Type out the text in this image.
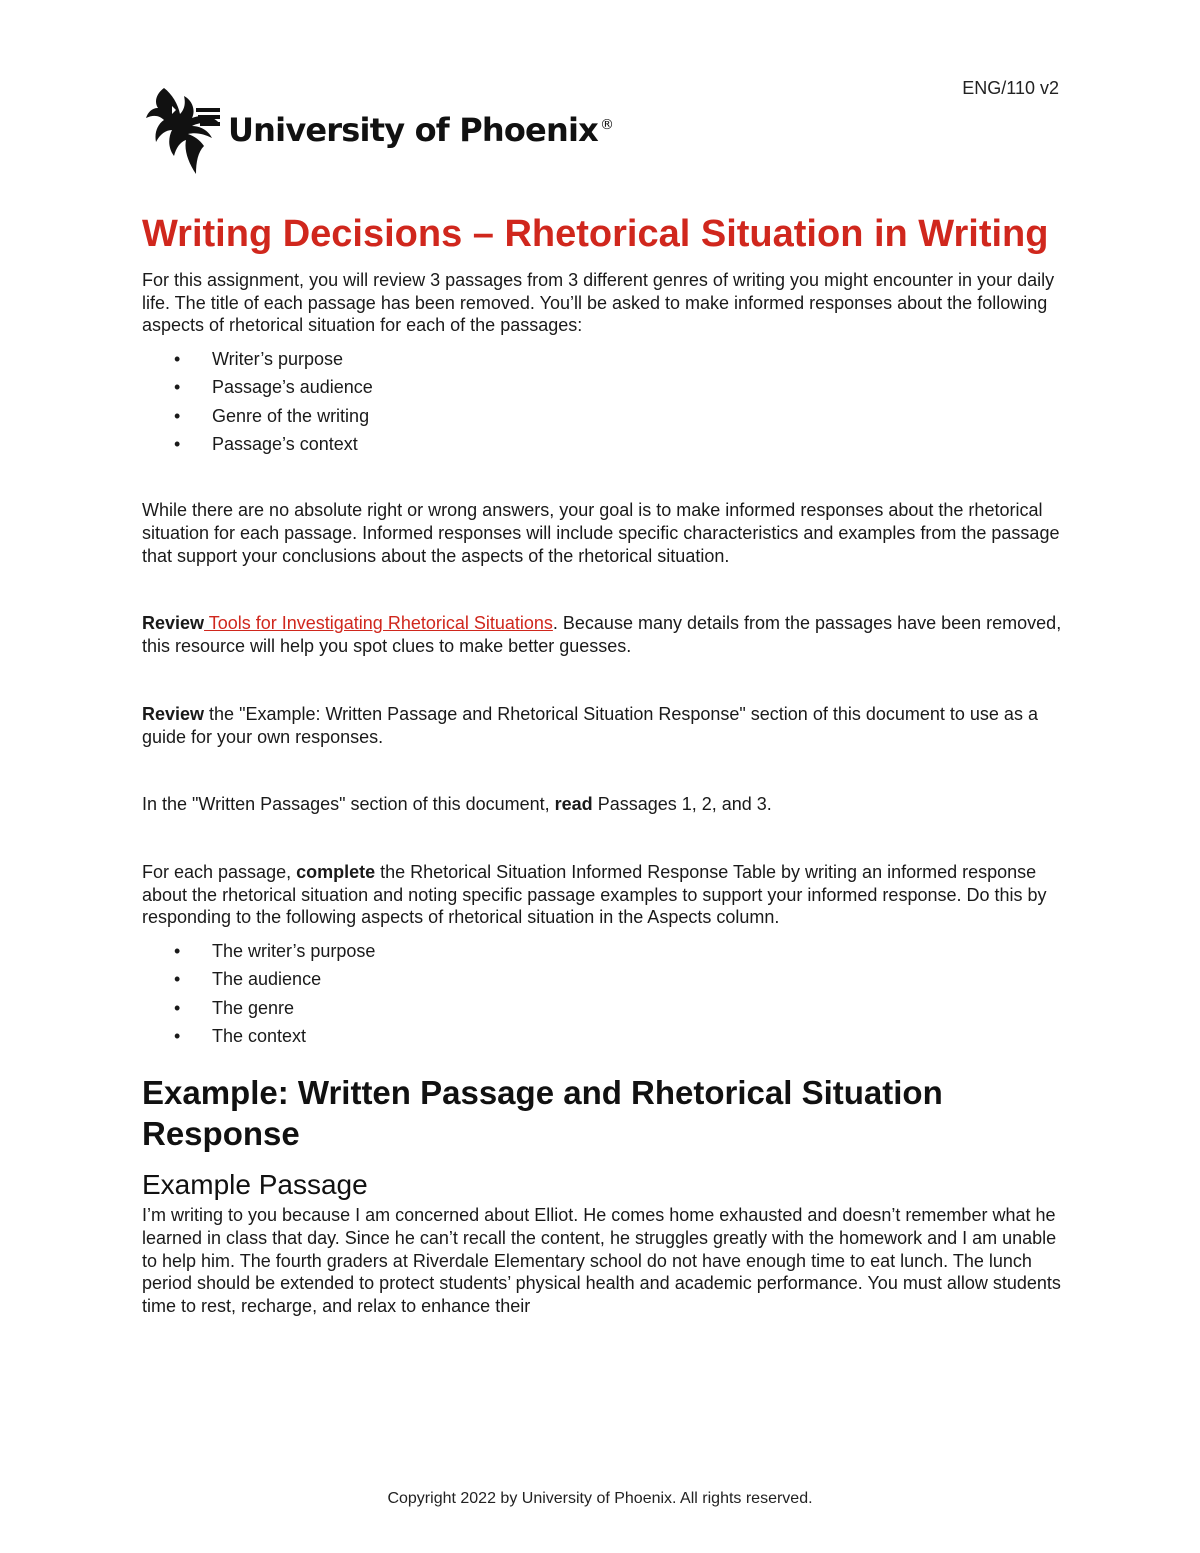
ENG/110 v2
University of Phoenix ®
Writing Decisions – Rhetorical Situation in Writing

For this assignment, you will review 3 passages from 3 different genres of writing you might encounter in your daily life. The title of each passage has been removed. You’ll be asked to make informed responses about the following aspects of rhetorical situation for each of the passages:

• Writer’s purpose
• Passage’s audience
• Genre of the writing
• Passage’s context

While there are no absolute right or wrong answers, your goal is to make informed responses about the rhetorical situation for each passage. Informed responses will include specific characteristics and examples from the passage that support your conclusions about the aspects of the rhetorical situation.

Review Tools for Investigating Rhetorical Situations. Because many details from the passages have been removed, this resource will help you spot clues to make better guesses.

Review the "Example: Written Passage and Rhetorical Situation Response" section of this document to use as a guide for your own responses.

In the "Written Passages" section of this document, read Passages 1, 2, and 3.

For each passage, complete the Rhetorical Situation Informed Response Table by writing an informed response about the rhetorical situation and noting specific passage examples to support your informed response. Do this by responding to the following aspects of rhetorical situation in the Aspects column.

• The writer’s purpose
• The audience
• The genre
• The context
Example: Written Passage and Rhetorical Situation Response
Example Passage

I’m writing to you because I am concerned about Elliot. He comes home exhausted and doesn’t remember what he learned in class that day. Since he can’t recall the content, he struggles greatly with the homework and I am unable to help him. The fourth graders at Riverdale Elementary school do not have enough time to eat lunch. The lunch period should be extended to protect students’ physical health and academic performance. You must allow students time to rest, recharge, and relax to enhance their

Copyright 2022 by University of Phoenix. All rights reserved.
